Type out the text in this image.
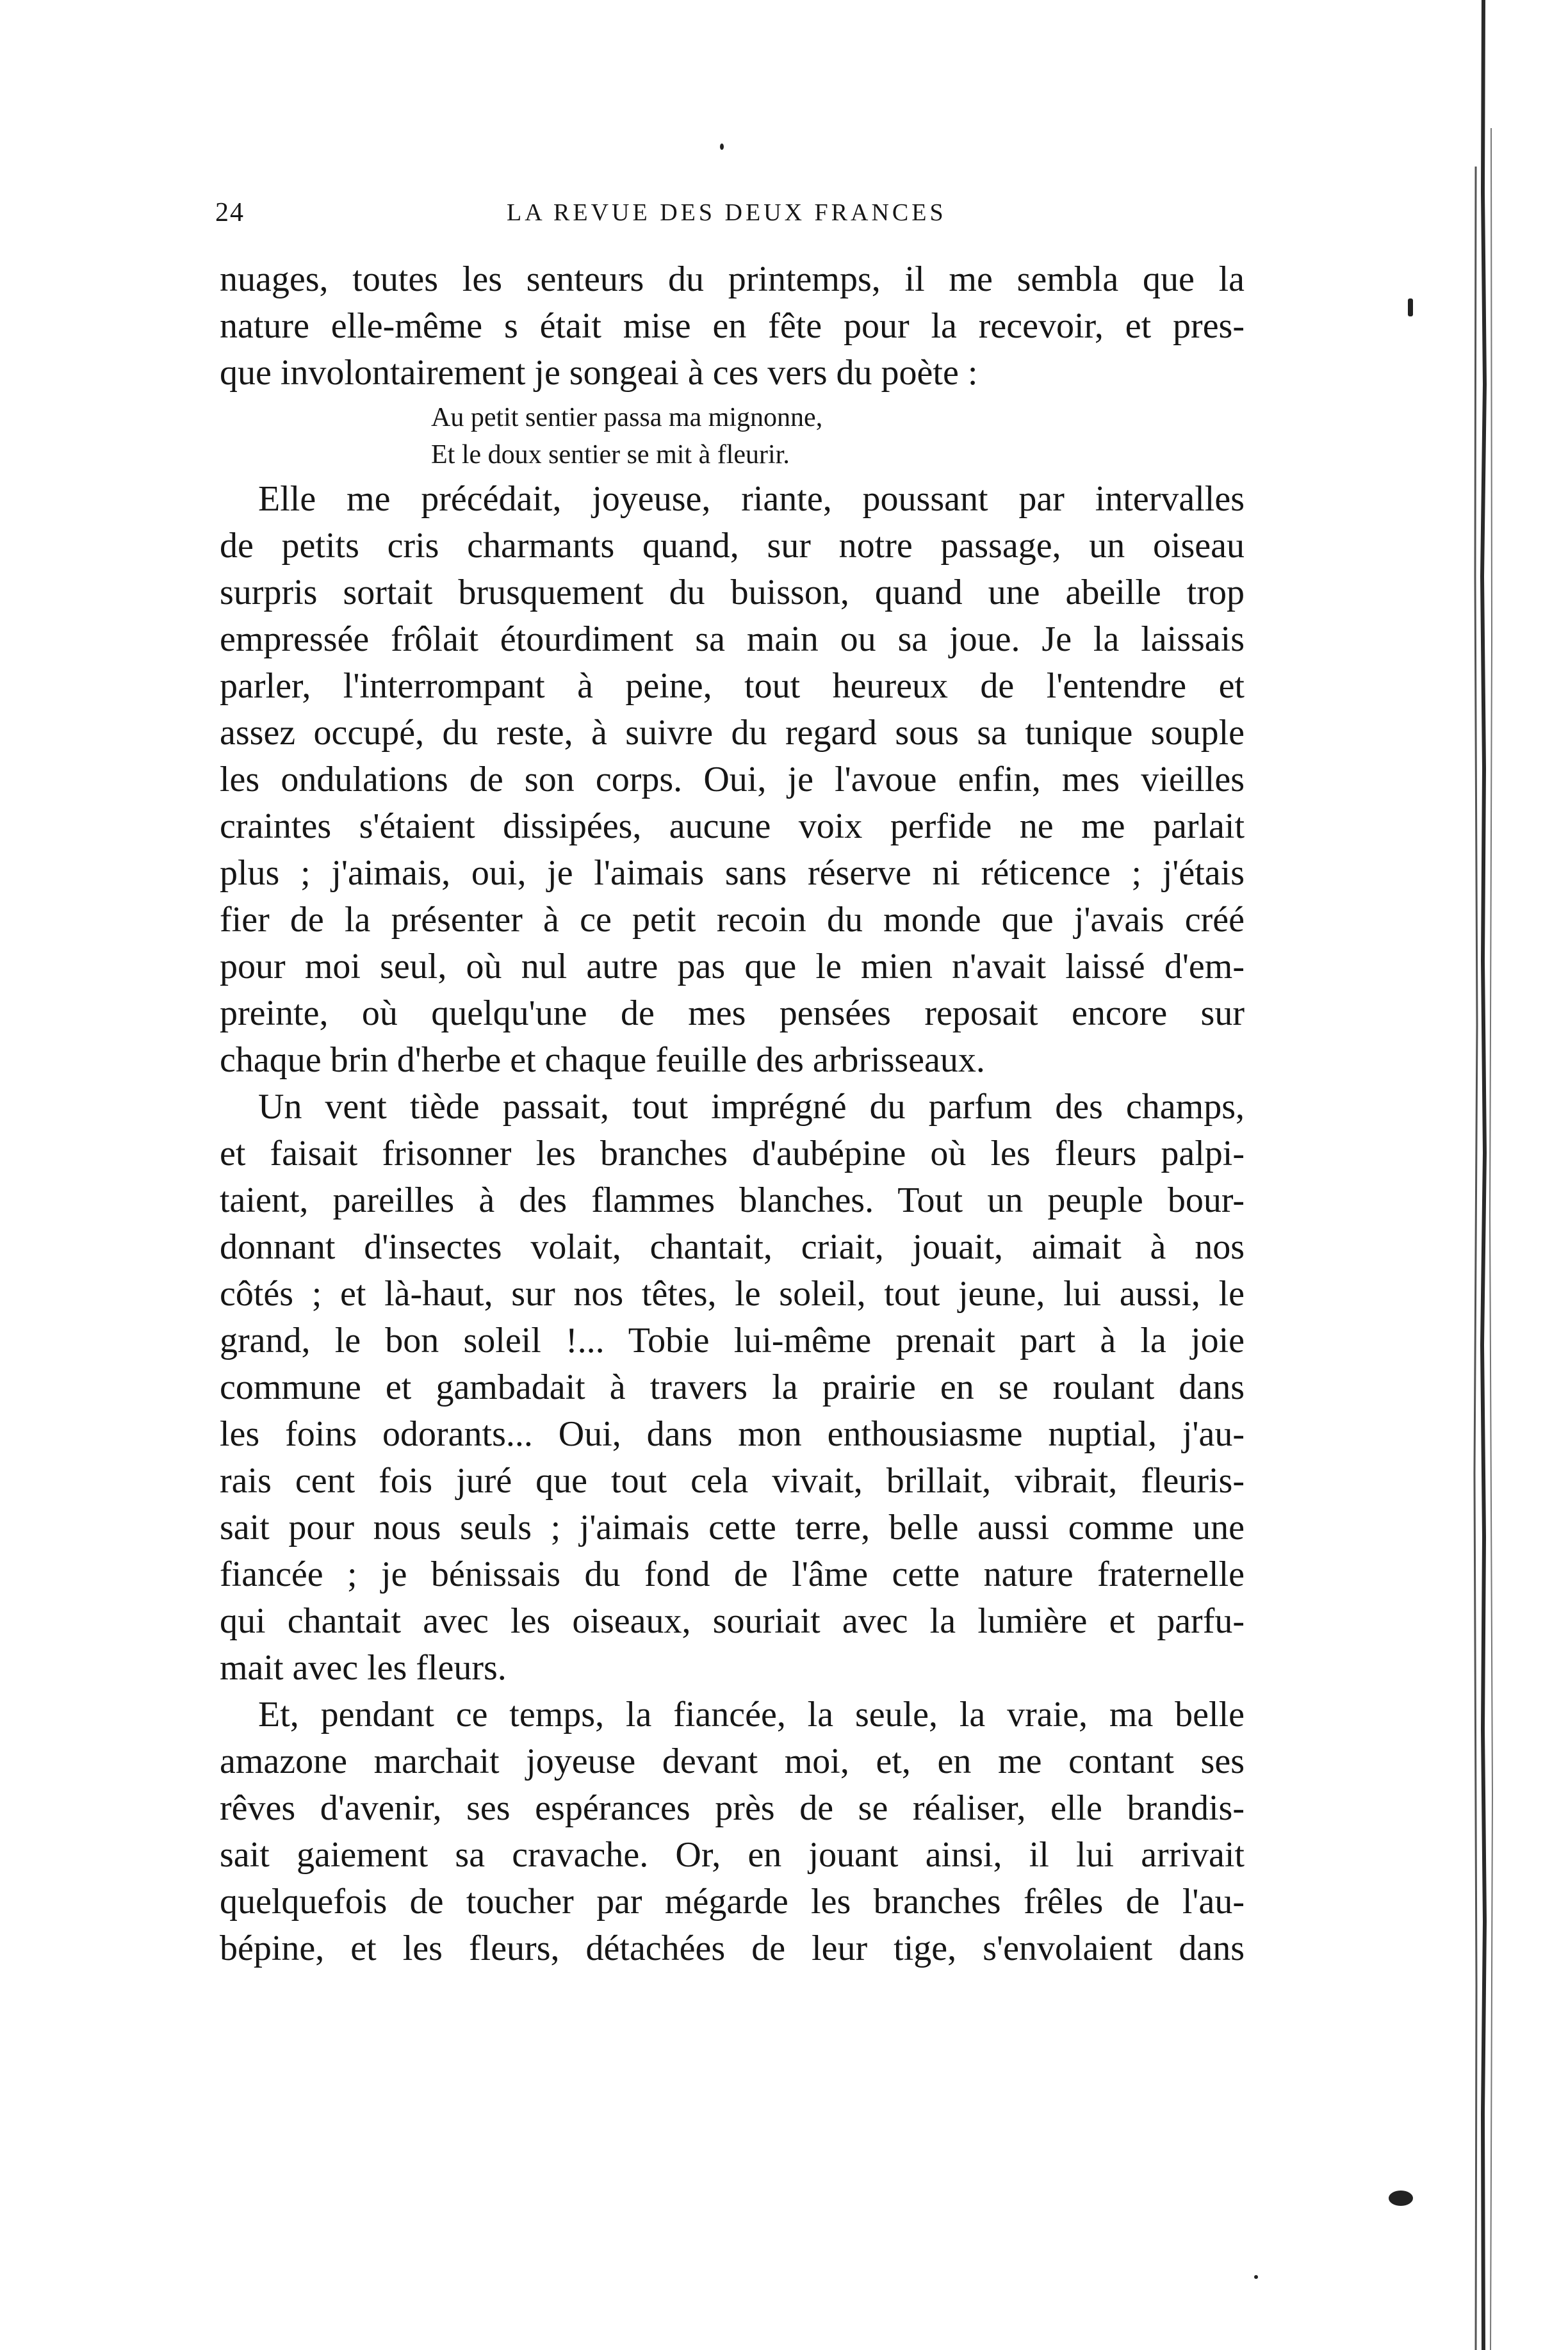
24	LA REVUE DES DEUX FRANCES
nuages, toutes les senteurs du printemps, il me sembla que la
nature elle-même s était mise en fête pour la recevoir, et pres-
que involontairement je songeai à ces vers du poète :
Au petit sentier passa ma mignonne,
Et le doux sentier se mit à fleurir.
Elle me précédait, joyeuse, riante, poussant par intervalles
de petits cris charmants quand, sur notre passage, un oiseau
surpris sortait brusquement du buisson, quand une abeille trop
empressée frôlait étourdiment sa main ou sa joue. Je la laissais
parler, l'interrompant à peine, tout heureux de l'entendre et
assez occupé, du reste, à suivre du regard sous sa tunique souple
les ondulations de son corps. Oui, je l'avoue enfin, mes vieilles
craintes s'étaient dissipées, aucune voix perfide ne me parlait
plus ; j'aimais, oui, je l'aimais sans réserve ni réticence ; j'étais
fier de la présenter à ce petit recoin du monde que j'avais créé
pour moi seul, où nul autre pas que le mien n'avait laissé d'em-
preinte, où quelqu'une de mes pensées reposait encore sur
chaque brin d'herbe et chaque feuille des arbrisseaux.
Un vent tiède passait, tout imprégné du parfum des champs,
et faisait frisonner les branches d'aubépine où les fleurs palpi-
taient, pareilles à des flammes blanches. Tout un peuple bour-
donnant d'insectes volait, chantait, criait, jouait, aimait à nos
côtés ; et là-haut, sur nos têtes, le soleil, tout jeune, lui aussi, le
grand, le bon soleil !... Tobie lui-même prenait part à la joie
commune et gambadait à travers la prairie en se roulant dans
les foins odorants... Oui, dans mon enthousiasme nuptial, j'au-
rais cent fois juré que tout cela vivait, brillait, vibrait, fleuris-
sait pour nous seuls ; j'aimais cette terre, belle aussi comme une
fiancée ; je bénissais du fond de l'âme cette nature fraternelle
qui chantait avec les oiseaux, souriait avec la lumière et parfu-
mait avec les fleurs.
Et, pendant ce temps, la fiancée, la seule, la vraie, ma belle
amazone marchait joyeuse devant moi, et, en me contant ses
rêves d'avenir, ses espérances près de se réaliser, elle brandis-
sait gaiement sa cravache. Or, en jouant ainsi, il lui arrivait
quelquefois de toucher par mégarde les branches frêles de l'au-
bépine, et les fleurs, détachées de leur tige, s'envolaient dans
